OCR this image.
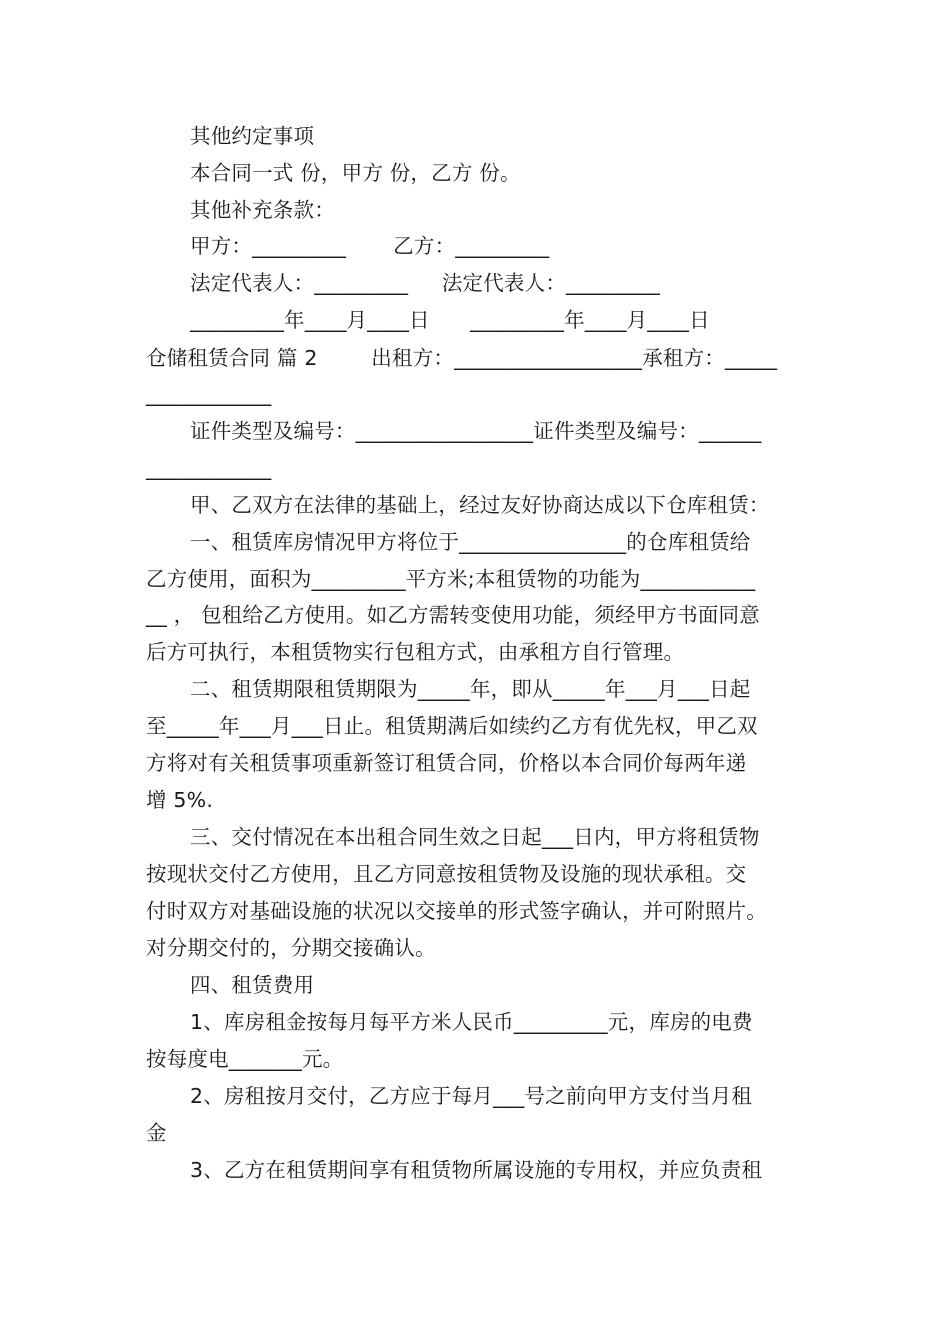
其他约定事项
本合同一式 份，甲方 份，乙方 份。
其他补充条款：
甲方：_________       乙方：_________
法定代表人：_________     法定代表人：_________
_________年____月____日      _________年____月____日
仓储租赁合同 篇 2        出租方：__________________承租方：_____
____________
证件类型及编号：_________________证件类型及编号：______
____________
甲、乙双方在法律的基础上，经过友好协商达成以下仓库租赁：
一、租赁库房情况甲方将位于________________的仓库租赁给
乙方使用，面积为_________平方米;本租赁物的功能为___________
__ ， 包租给乙方使用。如乙方需转变使用功能，须经甲方书面同意
后方可执行，本租赁物实行包租方式，由承租方自行管理。
二、租赁期限租赁期限为_____年，即从_____年___月___日起
至_____年___月___日止。租赁期满后如续约乙方有优先权，甲乙双
方将对有关租赁事项重新签订租赁合同，价格以本合同价每两年递
增 5%.
三、交付情况在本出租合同生效之日起___日内，甲方将租赁物
按现状交付乙方使用，且乙方同意按租赁物及设施的现状承租。交
付时双方对基础设施的状况以交接单的形式签字确认，并可附照片。
对分期交付的，分期交接确认。
四、租赁费用
1、库房租金按每月每平方米人民币_________元，库房的电费
按每度电_______元。
2、房租按月交付，乙方应于每月___号之前向甲方支付当月租
金
3、乙方在租赁期间享有租赁物所属设施的专用权，并应负责租
